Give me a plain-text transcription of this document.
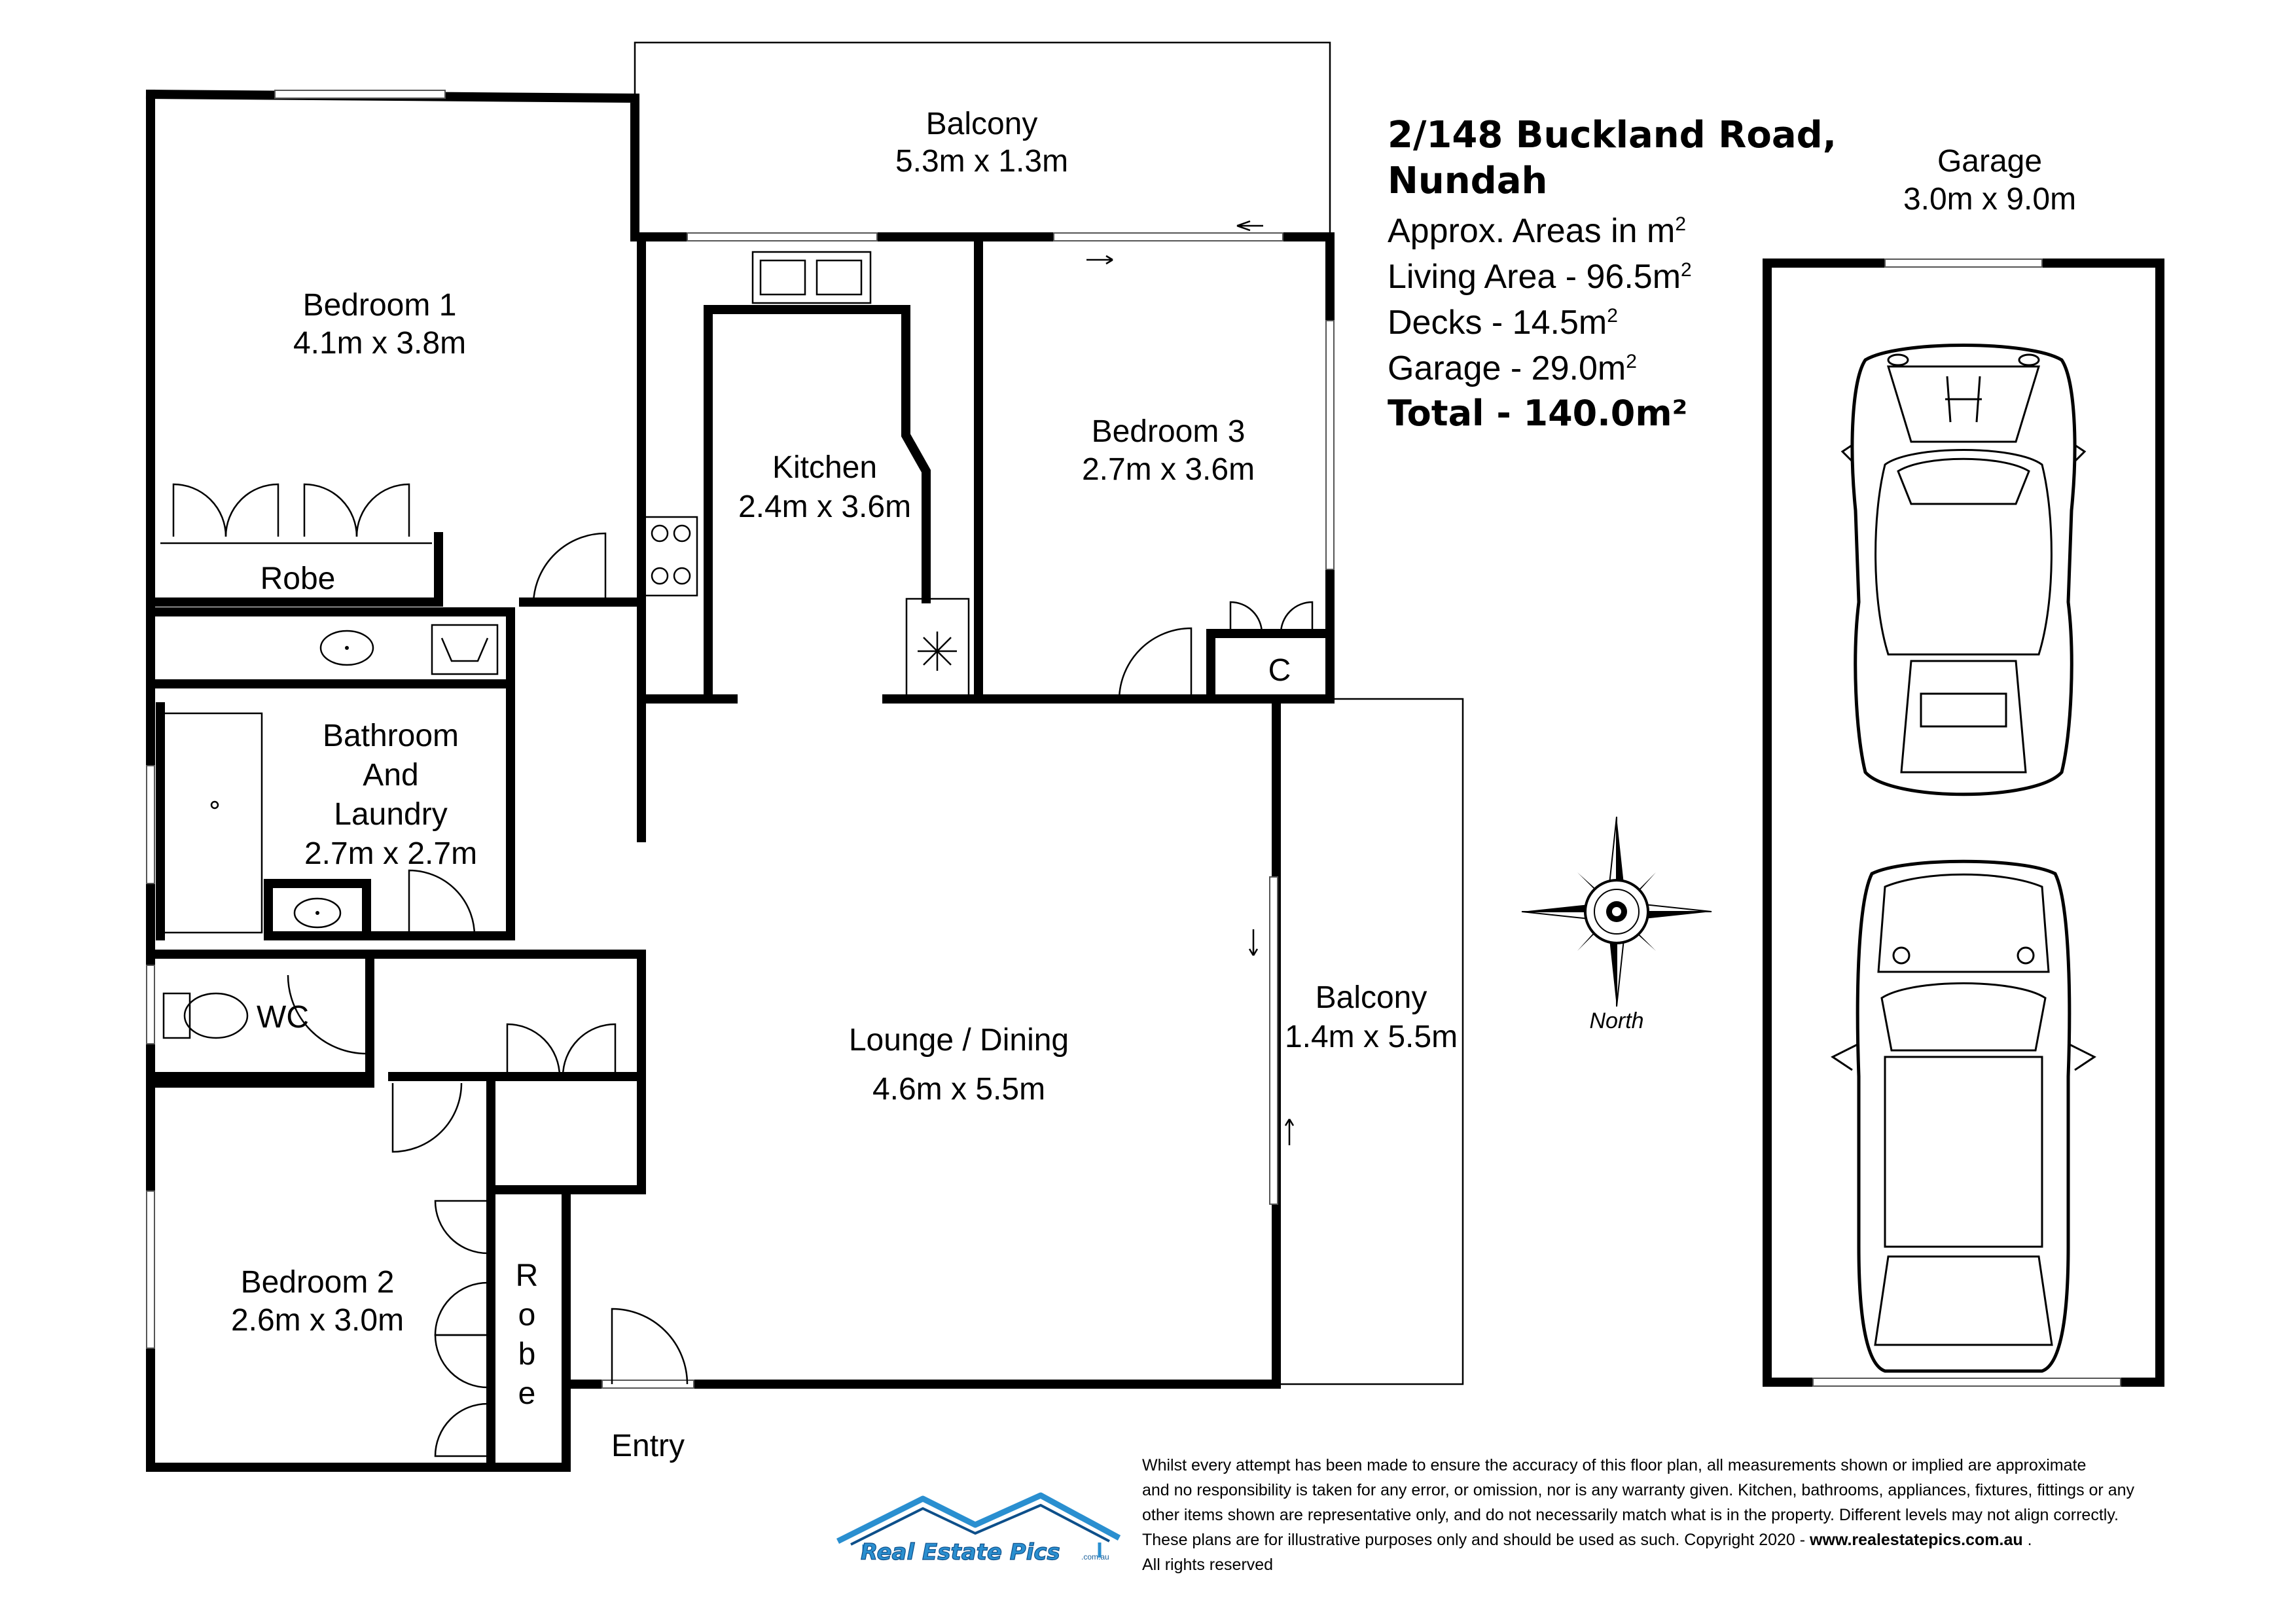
Balcony
5.3m x 1.3m
Bedroom 1
4.1m x 3.8m
Robe
Kitchen
2.4m x 3.6m
Bedroom 3
2.7m x 3.6m
C
Bathroom
And
Laundry
2.7m x 2.7m
WC
Lounge / Dining
4.6m x 5.5m
Balcony
1.4m x 5.5m
Bedroom 2
2.6m x 3.0m
R
o
b
e
Entry
Garage
3.0m x 9.0m
2/148 Buckland Road,
Nundah
Approx. Areas in $m^2$
Living Area - $96.5m^2$
Decks - $14.5m^2$
Garage - $29.0m^2$
Total - 140.0m²
North
Whilst every attempt has been made to ensure the accuracy of this floor plan, all measurements shown or implied are approximate
and no responsibility is taken for any error, or omission, nor is any warranty given. Kitchen, bathrooms, appliances, fixtures, fittings or any
other items shown are representative only, and do not necessarily match what is in the property. Different levels may not align correctly.
These plans are for illustrative purposes only and should be used as such. Copyright 2020 - www.realestatepics.com.au .
All rights reserved
Real Estate Pics	.com.au
